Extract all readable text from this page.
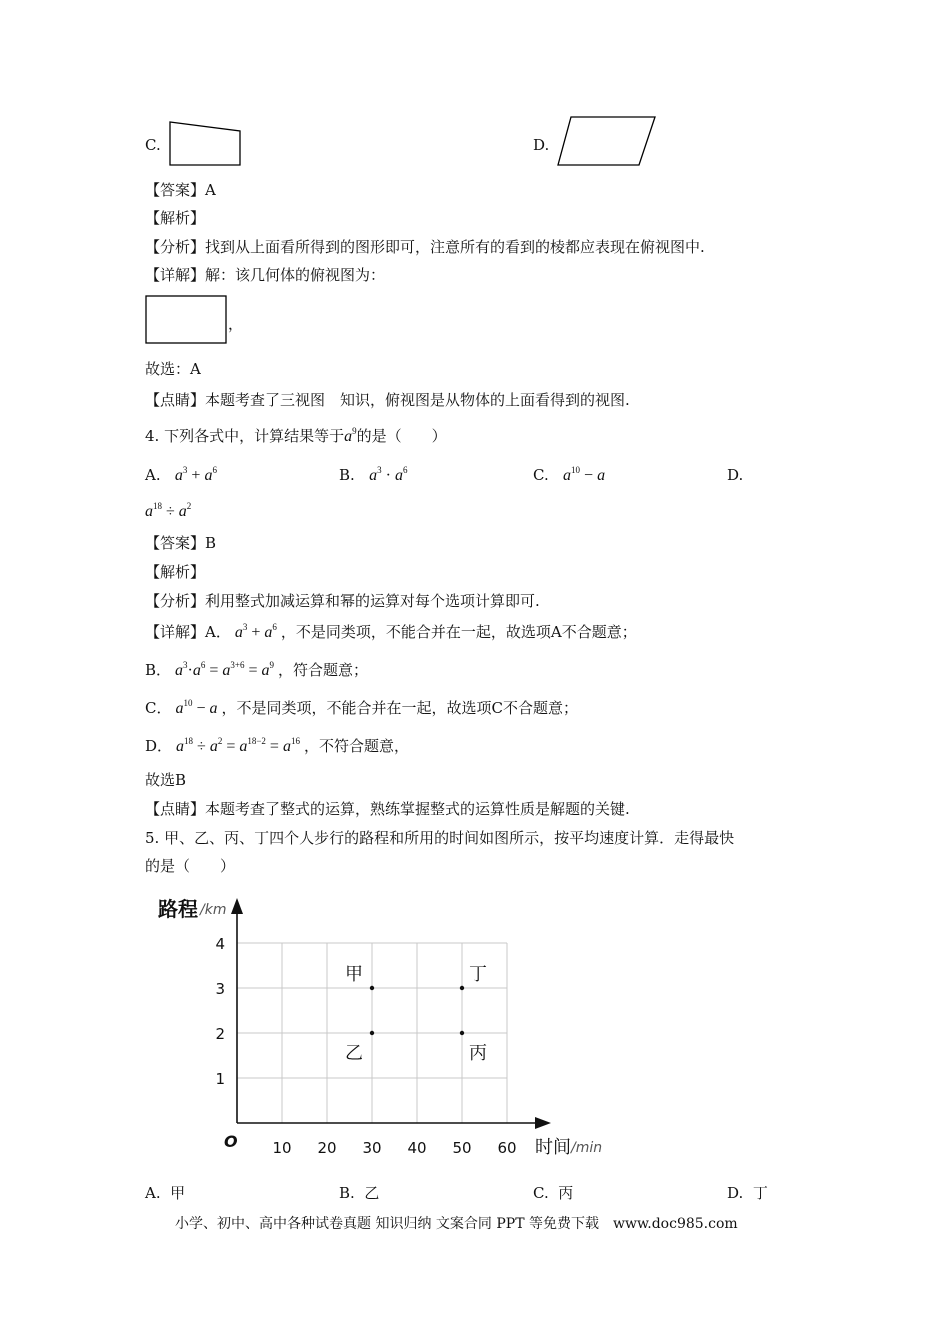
C.	D.
【答案】A
【解析】
【分析】找到从上面看所得到的图形即可，注意所有的看到的棱都应表现在俯视图中.
【详解】解：该几何体的俯视图为：
，
故选：A
【点睛】本题考查了三视图　知识，俯视图是从物体的上面看得到的视图.
4. 下列各式中，计算结果等于$a^9$的是（　　）
A. $a^3 + a^6$	B. $a^3 \cdot a^6$	C. $a^{10} - a$	D.
$a^{18} \div a^2$
【答案】B
【解析】
【分析】利用整式加减运算和幂的运算对每个选项计算即可.
【详解】A． $a^3 + a^6$ ，不是同类项，不能合并在一起，故选项A不合题意；
B． $a^3\cdot a^6 = a^{3+6} = a^9$ ，符合题意；
C． $a^{10} - a$ ，不是同类项，不能合并在一起，故选项C不合题意；
D． $a^{18} \div a^2 = a^{18-2} = a^{16}$ ，不符合题意，
故选B
【点睛】本题考查了整式的运算，熟练掌握整式的运算性质是解题的关键.
5. 甲、乙、丙、丁四个人步行的路程和所用的时间如图所示，按平均速度计算．走得最快
的是（　　）
10 20 30 40 50 60
1
2
3
4
甲
乙	丙
丁
路程 /km
时间 /min
O
A. 甲	B. 乙	C. 丙	D. 丁
小学、初中、高中各种试卷真题 知识归纳 文案合同 PPT 等免费下载　www.doc985.com
